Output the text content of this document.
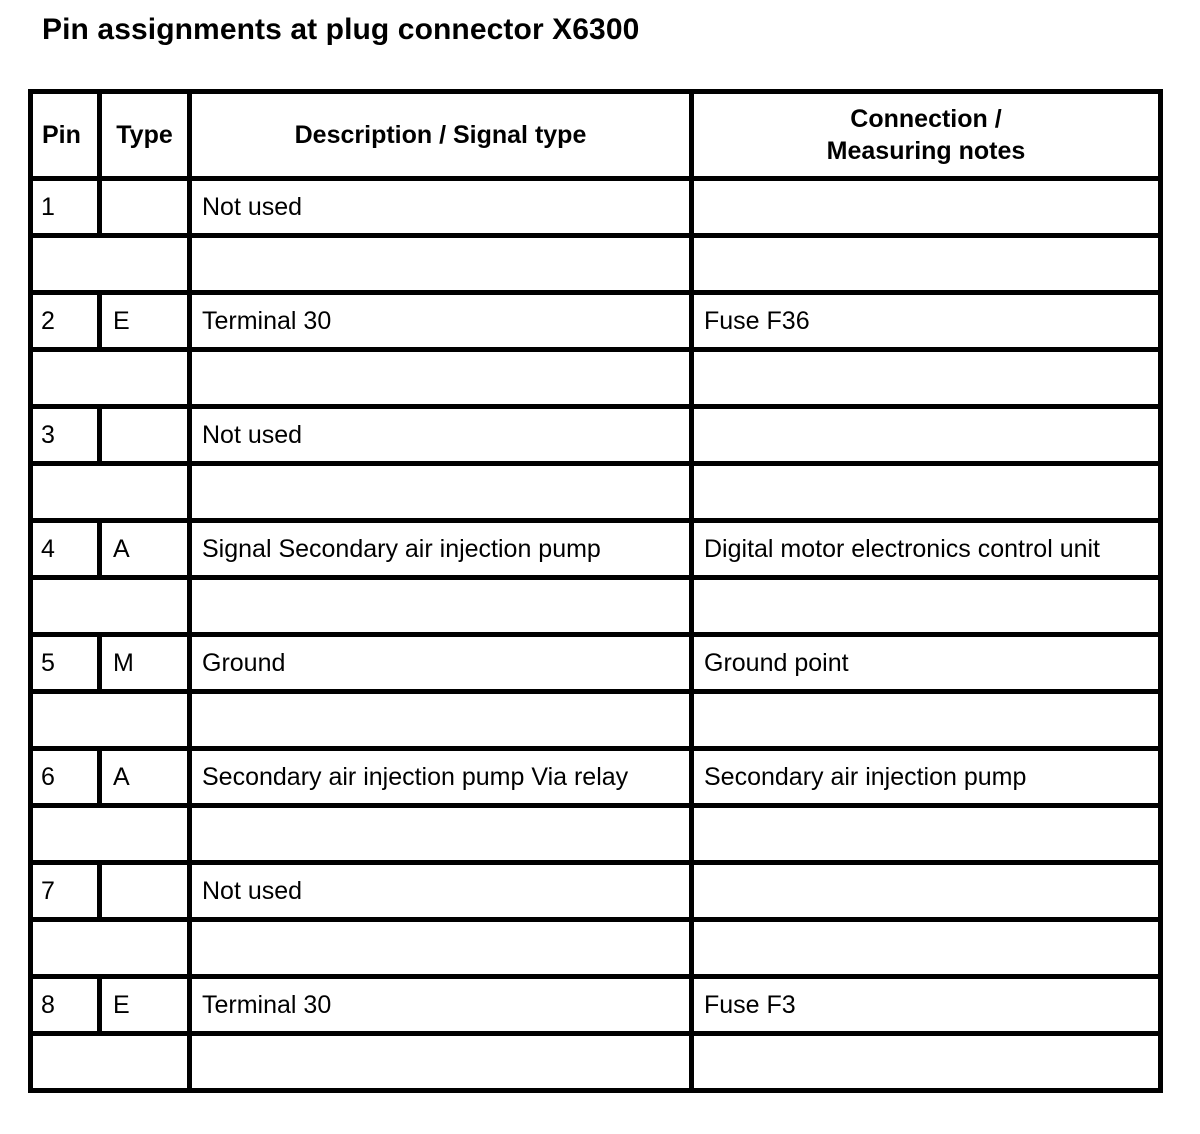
Pin assignments at plug connector X6300
Pin	Type	Description / Signal type	Connection /
Measuring notes
1		Not used	

2	E	Terminal 30	Fuse F36

3		Not used	

4	A	Signal Secondary air injection pump	Digital motor electronics control unit

5	M	Ground	Ground point

6	A	Secondary air injection pump Via relay	Secondary air injection pump

7		Not used	

8	E	Terminal 30	Fuse F3
